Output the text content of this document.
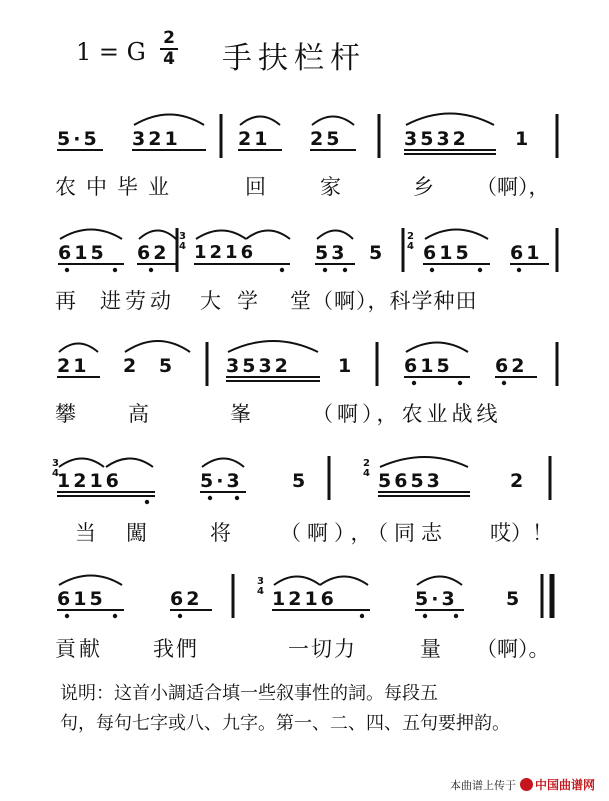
1 = G 2
4 手扶栏杆
5·5 321	21 25	3532 1
农中毕业	回	家	乡 （啊），
615 62 1216	53 5 615 61
3
4
2
4
再 进劳动 大学 堂（啊），科学种田
21 2 5 3532 1	615 62
攀 高	峯	（啊），农业战线
1216	5·3	5	5653	2
3
4
2
4
当闖 将 （啊），（同志 哎）！
615	62	1216	5·3	5
3
4
貢献 我們	一切力	量 （啊）。
说明：这首小調适合填一些叙事性的詞。每段五
句，每句七字或八、九字。第一、二、四、五句要押韵。
本曲谱上传于 中国曲谱网
